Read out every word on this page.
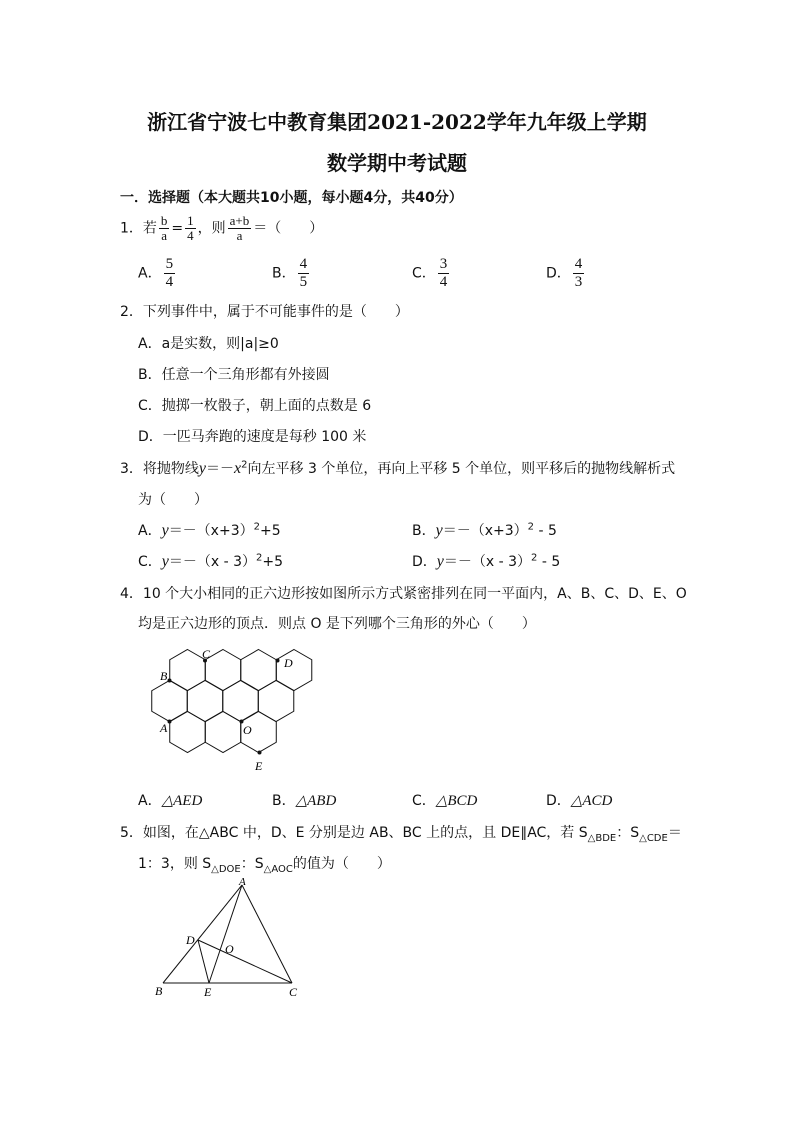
浙江省宁波七中教育集团2021-2022学年九年级上学期
数学期中考试题
一．选择题（本大题共10小题，每小题4分，共40分）
1．若 $\frac{b}{a} = \frac{1}{4}$ ，则 $\frac{a+b}{a}$ ＝（　　）
A． $\frac{5}{4}$	B． $\frac{4}{5}$	C． $\frac{3}{4}$	D． $\frac{4}{3}$
2．下列事件中，属于不可能事件的是（　　）
A．a是实数，则|a|≥0
B．任意一个三角形都有外接圆
C．抛掷一枚骰子，朝上面的点数是 6
D．一匹马奔跑的速度是每秒 100 米
3．将抛物线$y=-x^2$向左平移 3 个单位，再向上平移 5 个单位，则平移后的抛物线解析式
为（　　）
A．$y=-(x+3)^2+5$	B．$y=-(x+3)^2 - 5$
C．y＝－（x - 3）$^2$+5	D．y＝－（x - 3）$^2$ - 5
4．10 个大小相同的正六边形按如图所示方式紧密排列在同一平面内，A、B、C、D、E、O
均是正六边形的顶点．则点 O 是下列哪个三角形的外心（　　）
C
D
B
A	O
E
A．△AED	B．△ABD	C．△BCD	D．△ACD
5．如图，在△ABC 中，D、E 分别是边 AB、BC 上的点，且 DE∥AC，若 $S_{\triangle BDE}$：$S_{\triangle CDE}=$
1：3，则 $S_{\triangle DOE}$：$S_{\triangle AOC}$的值为（　　）
A
D
O
B	E	C
